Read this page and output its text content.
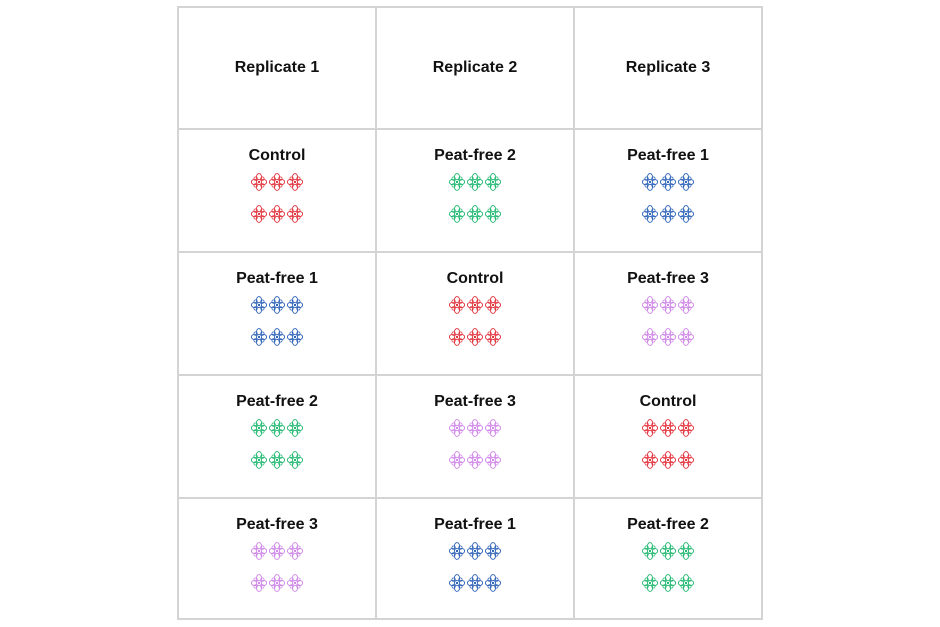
Replicate 1	Replicate 2	Replicate 3
Control	Peat-free 2	Peat-free 1
Peat-free 1	Control	Peat-free 3
Peat-free 2	Peat-free 3	Control
Peat-free 3	Peat-free 1	Peat-free 2
